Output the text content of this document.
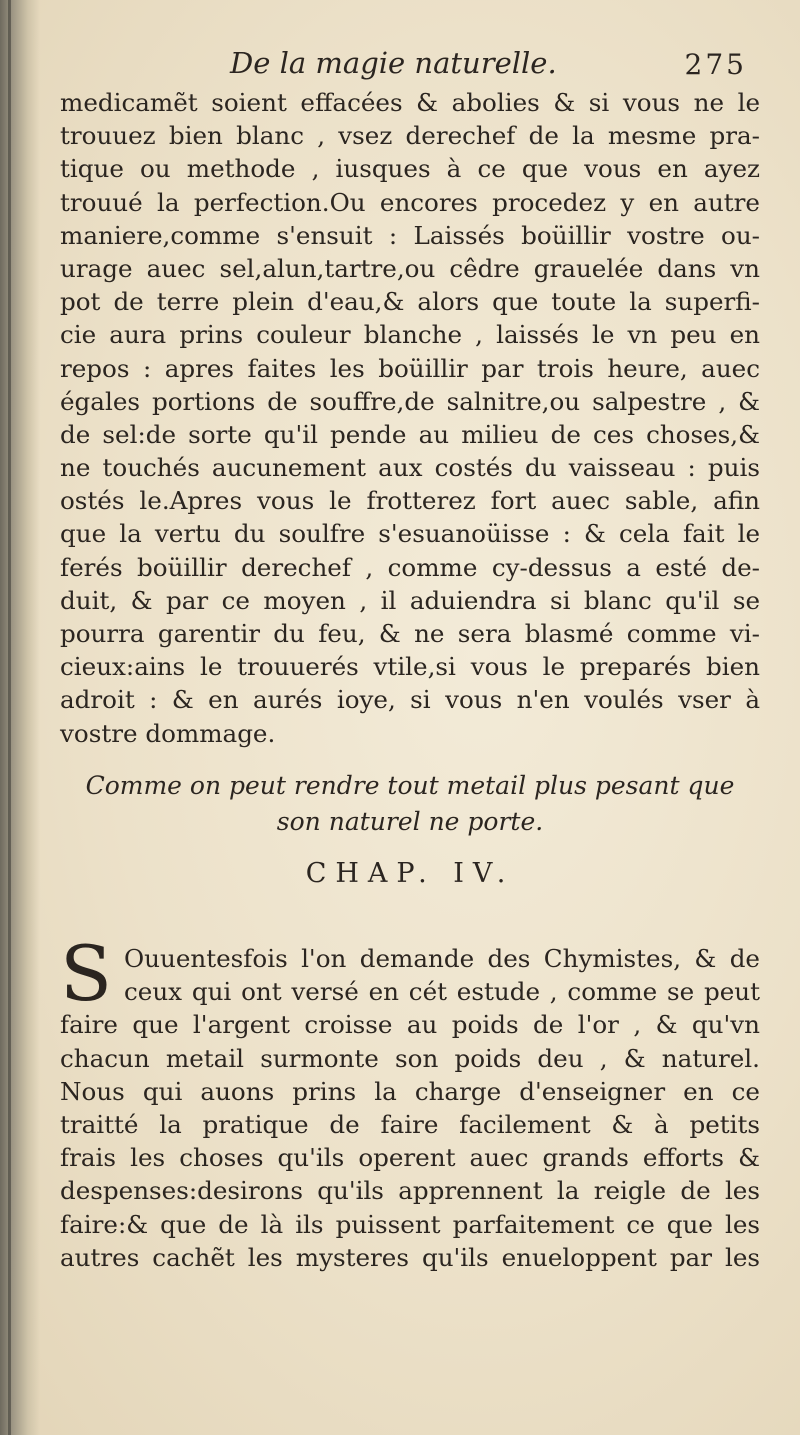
De la magie naturelle.	275
medicamẽt soient effacées & abolies & si vous ne le
trouuez bien blanc , vsez derechef de la mesme pra-
tique ou methode , iusques à ce que vous en ayez
trouué la perfection.Ou encores procedez y en autre
maniere,comme s'ensuit : Laissés boüillir vostre ou-
urage auec sel,alun,tartre,ou cêdre grauelée dans vn
pot de terre plein d'eau,& alors que toute la superfi-
cie aura prins couleur blanche , laissés le vn peu en
repos : apres faites les boüillir par trois heure, auec
égales portions de souffre,de salnitre,ou salpestre , &
de sel:de sorte qu'il pende au milieu de ces choses,&
ne touchés aucunement aux costés du vaisseau : puis
ostés le.Apres vous le frotterez fort auec sable, afin
que la vertu du soulfre s'esuanoüisse : & cela fait le
ferés boüillir derechef , comme cy-dessus a esté de-
duit, & par ce moyen , il aduiendra si blanc qu'il se
pourra garentir du feu, & ne sera blasmé comme vi-
cieux:ains le trouuerés vtile,si vous le preparés bien
adroit : & en aurés ioye, si vous n'en voulés vser à
vostre dommage.
Comme on peut rendre tout metail plus pesant que
son naturel ne porte.
CHAP. IV.
S Ouuentesfois l'on demande des Chymistes, & de
ceux qui ont versé en cét estude , comme se peut
faire que l'argent croisse au poids de l'or , & qu'vn
chacun metail surmonte son poids deu , & naturel.
Nous qui auons prins la charge d'enseigner en ce
traitté la pratique de faire facilement & à petits
frais les choses qu'ils operent auec grands efforts &
despenses:desirons qu'ils apprennent la reigle de les
faire:& que de là ils puissent parfaitement ce que les
autres cachẽt les mysteres qu'ils enueloppent par les
